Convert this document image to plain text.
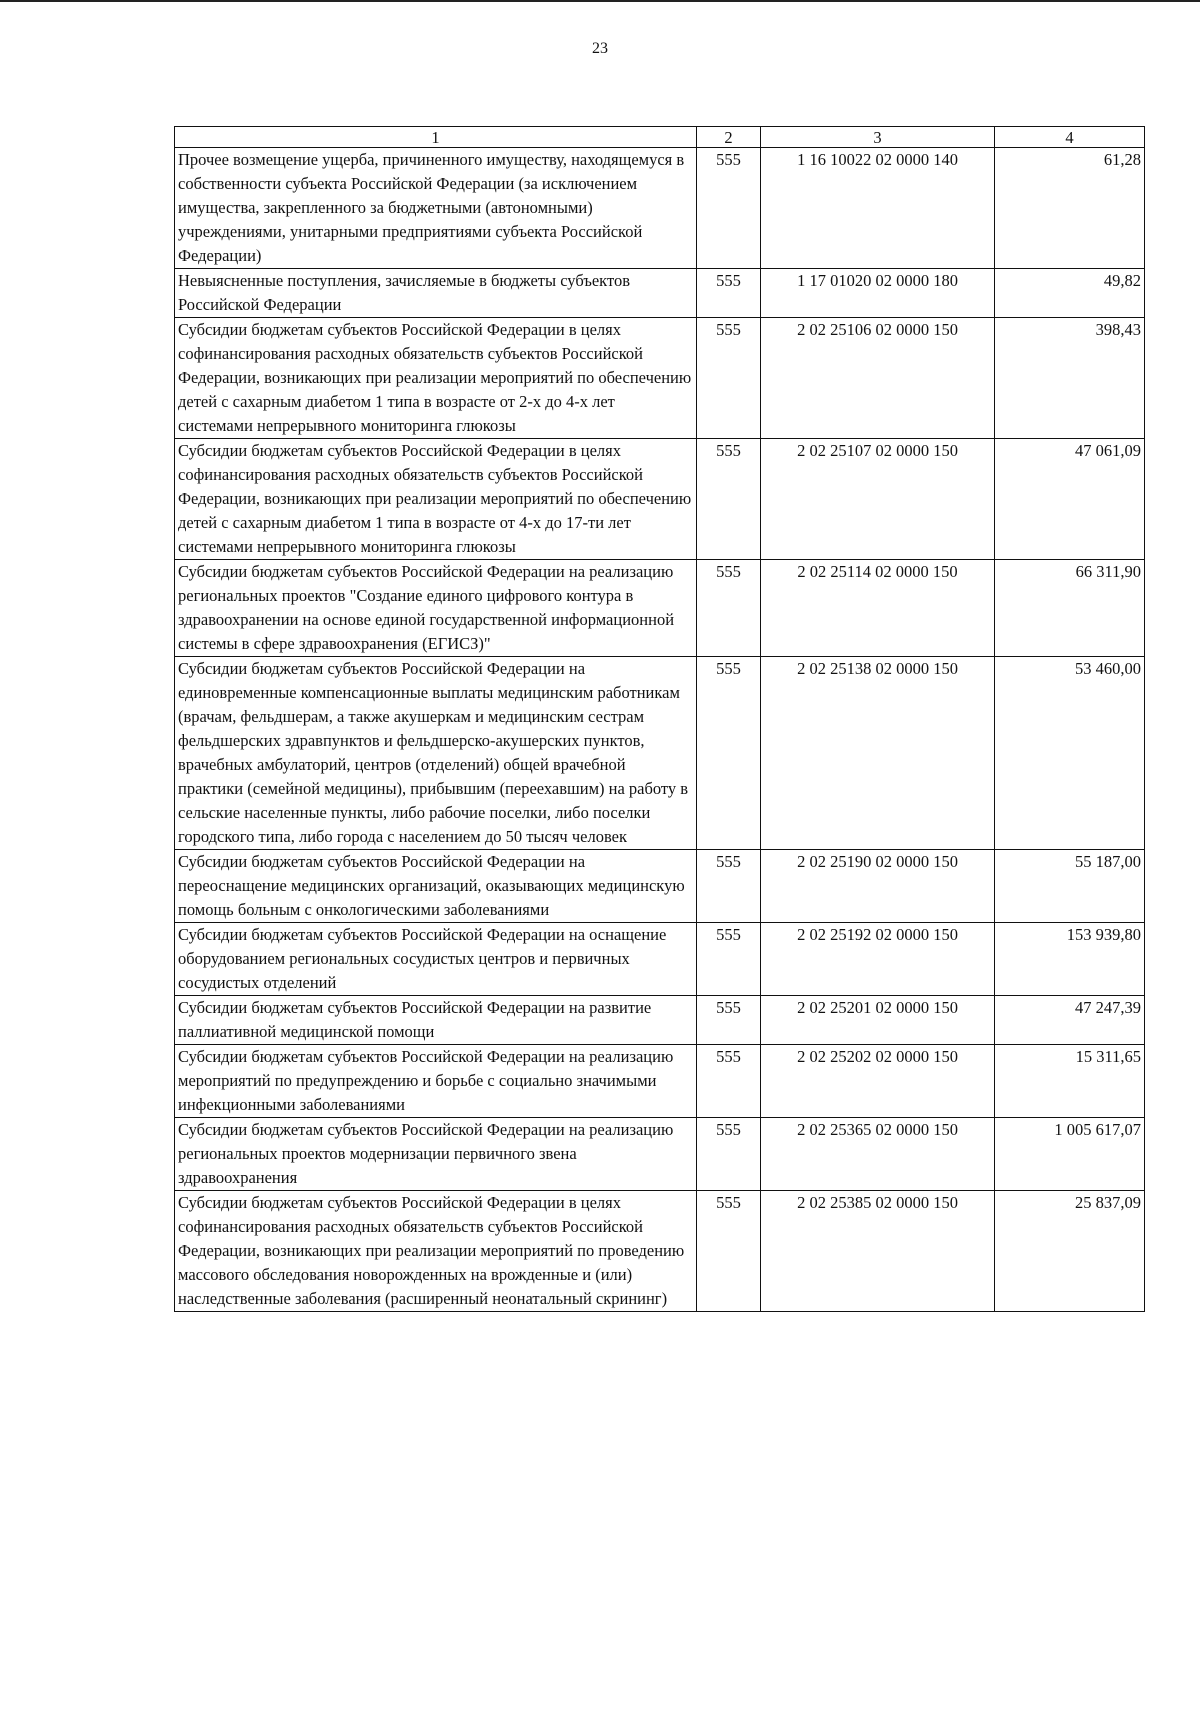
23
1	2	3	4
Прочее возмещение ущерба, причиненного имуществу, находящемуся в собственности субъекта Российской Федерации (за исключением имущества, закрепленного за бюджетными (автономными) учреждениями, унитарными предприятиями субъекта Российской Федерации)	555	1 16 10022 02 0000 140	61,28
Невыясненные поступления, зачисляемые в бюджеты субъектов Российской Федерации	555	1 17 01020 02 0000 180	49,82
Субсидии бюджетам субъектов Российской Федерации в целях софинансирования расходных обязательств субъектов Российской Федерации, возникающих при реализации мероприятий по обеспечению детей с сахарным диабетом 1 типа в возрасте от 2-х до 4-х лет системами непрерывного мониторинга глюкозы	555	2 02 25106 02 0000 150	398,43
Субсидии бюджетам субъектов Российской Федерации в целях софинансирования расходных обязательств субъектов Российской Федерации, возникающих при реализации мероприятий по обеспечению детей с сахарным диабетом 1 типа в возрасте от 4-х до 17-ти лет системами непрерывного мониторинга глюкозы	555	2 02 25107 02 0000 150	47 061,09
Субсидии бюджетам субъектов Российской Федерации на реализацию региональных проектов "Создание единого цифрового контура в здравоохранении на основе единой государственной информационной системы в сфере здравоохранения (ЕГИСЗ)"	555	2 02 25114 02 0000 150	66 311,90
Субсидии бюджетам субъектов Российской Федерации на единовременные компенсационные выплаты медицинским работникам (врачам, фельдшерам, а также акушеркам и медицинским сестрам фельдшерских здравпунктов и фельдшерско-акушерских пунктов, врачебных амбулаторий, центров (отделений) общей врачебной практики (семейной медицины), прибывшим (переехавшим) на работу в сельские населенные пункты, либо рабочие поселки, либо поселки городского типа, либо города с населением до 50 тысяч человек	555	2 02 25138 02 0000 150	53 460,00
Субсидии бюджетам субъектов Российской Федерации на переоснащение медицинских организаций, оказывающих медицинскую помощь больным с онкологическими заболеваниями	555	2 02 25190 02 0000 150	55 187,00
Субсидии бюджетам субъектов Российской Федерации на оснащение оборудованием региональных сосудистых центров и первичных сосудистых отделений	555	2 02 25192 02 0000 150	153 939,80
Субсидии бюджетам субъектов Российской Федерации на развитие паллиативной медицинской помощи	555	2 02 25201 02 0000 150	47 247,39
Субсидии бюджетам субъектов Российской Федерации на реализацию мероприятий по предупреждению и борьбе с социально значимыми инфекционными заболеваниями	555	2 02 25202 02 0000 150	15 311,65
Субсидии бюджетам субъектов Российской Федерации на реализацию региональных проектов модернизации первичного звена здравоохранения	555	2 02 25365 02 0000 150	1 005 617,07
Субсидии бюджетам субъектов Российской Федерации в целях софинансирования расходных обязательств субъектов Российской Федерации, возникающих при реализации мероприятий по проведению массового обследования новорожденных на врожденные и (или) наследственные заболевания (расширенный неонатальный скрининг)	555	2 02 25385 02 0000 150	25 837,09
